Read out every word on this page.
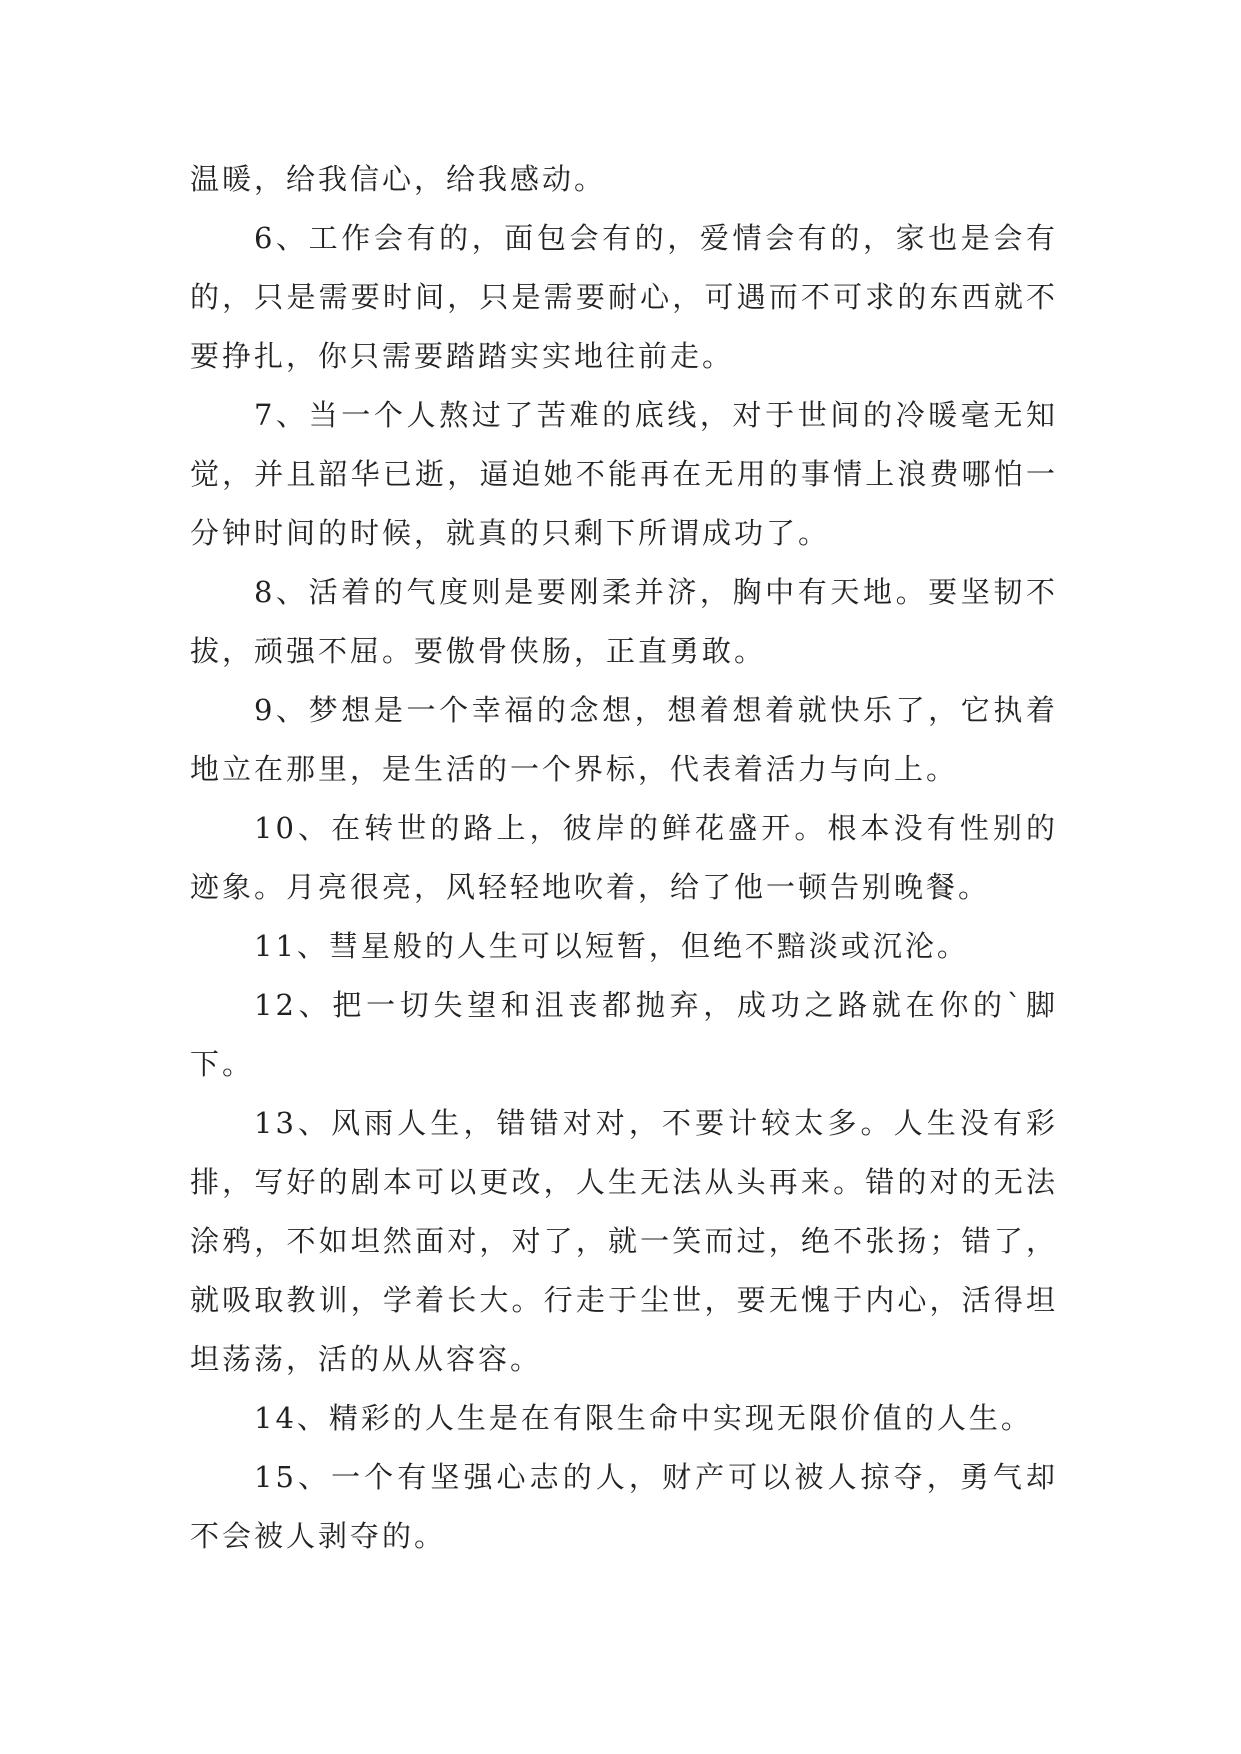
温暖，给我信心，给我感动。

6、工作会有的，面包会有的，爱情会有的，家也是会有的，只是需要时间，只是需要耐心，可遇而不可求的东西就不要挣扎，你只需要踏踏实实地往前走。

7、当一个人熬过了苦难的底线，对于世间的冷暖毫无知觉，并且韶华已逝，逼迫她不能再在无用的事情上浪费哪怕一分钟时间的时候，就真的只剩下所谓成功了。

8、活着的气度则是要刚柔并济，胸中有天地。要坚韧不拔，顽强不屈。要傲骨侠肠，正直勇敢。

9、梦想是一个幸福的念想，想着想着就快乐了，它执着地立在那里，是生活的一个界标，代表着活力与向上。

10、在转世的路上，彼岸的鲜花盛开。根本没有性别的迹象。月亮很亮，风轻轻地吹着，给了他一顿告别晚餐。

11、彗星般的人生可以短暂，但绝不黯淡或沉沦。

12、把一切失望和沮丧都抛弃，成功之路就在你的`脚下。

13、风雨人生，错错对对，不要计较太多。人生没有彩排，写好的剧本可以更改，人生无法从头再来。错的对的无法涂鸦，不如坦然面对，对了，就一笑而过，绝不张扬；错了，就吸取教训，学着长大。行走于尘世，要无愧于内心，活得坦坦荡荡，活的从从容容。

14、精彩的人生是在有限生命中实现无限价值的人生。

15、一个有坚强心志的人，财产可以被人掠夺，勇气却不会被人剥夺的。
